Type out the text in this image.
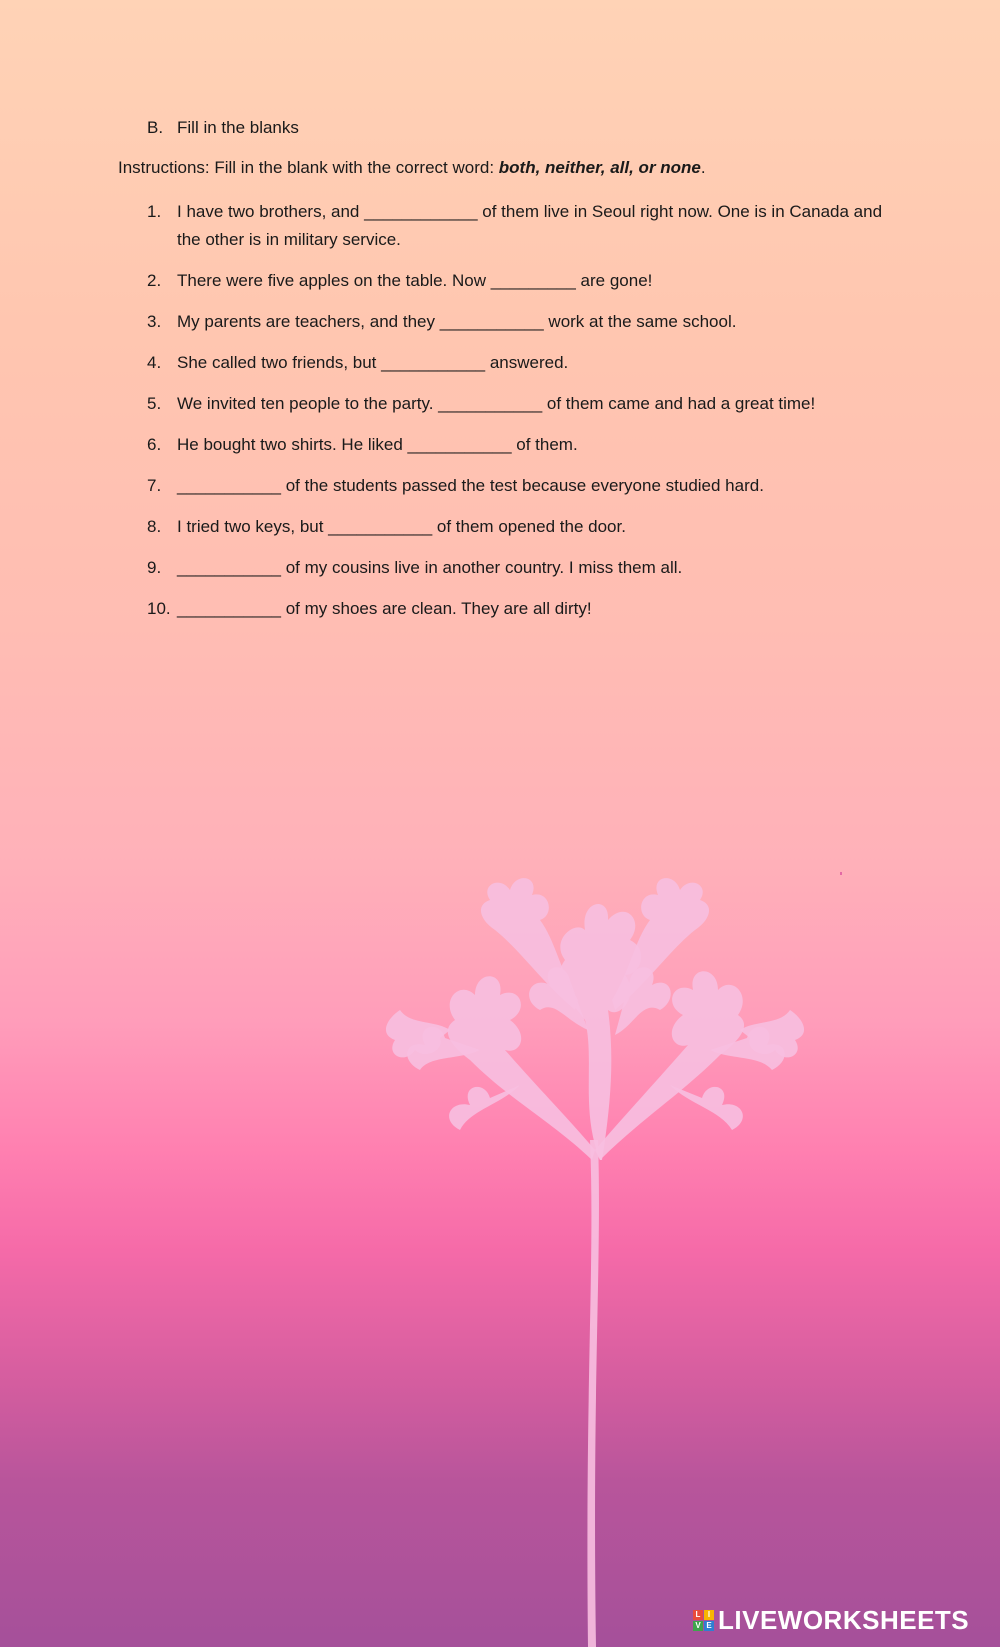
B. Fill in the blanks

Instructions: Fill in the blank with the correct word: both, neither, all, or none.

1. I have two brothers, and ____________ of them live in Seoul right now. One is in Canada and the other is in military service.
2. There were five apples on the table. Now _________ are gone!
3. My parents are teachers, and they ___________ work at the same school.
4. She called two friends, but ___________ answered.
5. We invited ten people to the party. ___________ of them came and had a great time!
6. He bought two shirts. He liked ___________ of them.
7. ___________ of the students passed the test because everyone studied hard.
8. I tried two keys, but ___________ of them opened the door.
9. ___________ of my cousins live in another country. I miss them all.
10. ___________ of my shoes are clean. They are all dirty!
L I
V E LIVEWORKSHEETS
